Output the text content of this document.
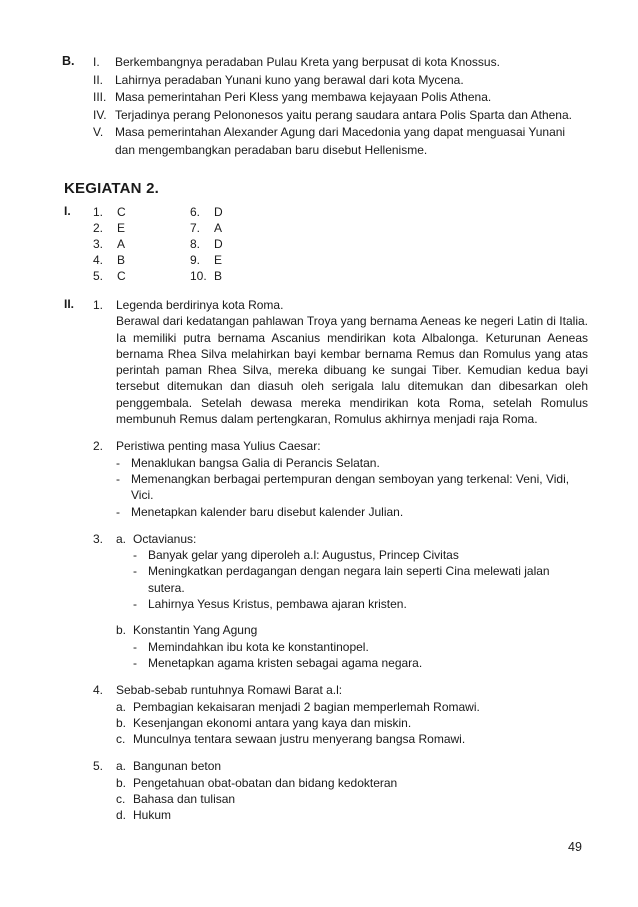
B. I.	Berkembangnya peradaban Pulau Kreta yang berpusat di kota Knossus.
II. Lahirnya peradaban Yunani kuno yang berawal dari kota Mycena.
III. Masa pemerintahan Peri Kless yang membawa kejayaan Polis Athena.
IV. Terjadinya perang Pelononesos yaitu perang saudara antara Polis Sparta dan Athena.
V. Masa pemerintahan Alexander Agung dari Macedonia yang dapat menguasai Yunani dan mengembangkan peradaban baru disebut Hellenisme.
KEGIATAN 2.
I. 1. C
2. E
3. A
4. B
5. C
6. D
7. A
8. D
9. E
10. B
II. 1.	Legenda berdirinya kota Roma.
Berawal dari kedatangan pahlawan Troya yang bernama Aeneas ke negeri Latin di Italia. Ia memiliki putra bernama Ascanius mendirikan kota Albalonga. Keturunan Aeneas bernama Rhea Silva melahirkan bayi kembar bernama Remus dan Romulus yang atas perintah paman Rhea Silva, mereka dibuang ke sungai Tiber. Kemudian kedua bayi tersebut ditemukan dan diasuh oleh serigala lalu ditemukan dan dibesarkan oleh penggembala. Setelah dewasa mereka mendirikan kota Roma, setelah Romulus membunuh Remus dalam pertengkaran, Romulus akhirnya menjadi raja Roma.
2.	Peristiwa penting masa Yulius Caesar:
- Menaklukan bangsa Galia di Perancis Selatan.
- Memenangkan berbagai pertempuran dengan semboyan yang terkenal: Veni, Vidi, Vici.
- Menetapkan kalender baru disebut kalender Julian.
3.	a. Octavianus:
- Banyak gelar yang diperoleh a.l: Augustus, Princep Civitas
- Meningkatkan perdagangan dengan negara lain seperti Cina melewati jalan sutera.
- Lahirnya Yesus Kristus, pembawa ajaran kristen.
b. Konstantin Yang Agung
- Memindahkan ibu kota ke konstantinopel.
- Menetapkan agama kristen sebagai agama negara.
4.	Sebab-sebab runtuhnya Romawi Barat a.l:
a. Pembagian kekaisaran menjadi 2 bagian memperlemah Romawi.
b. Kesenjangan ekonomi antara yang kaya dan miskin.
c. Munculnya tentara sewaan justru menyerang bangsa Romawi.
5.	a. Bangunan beton
b. Pengetahuan obat-obatan dan bidang kedokteran
c. Bahasa dan tulisan
d. Hukum
49
